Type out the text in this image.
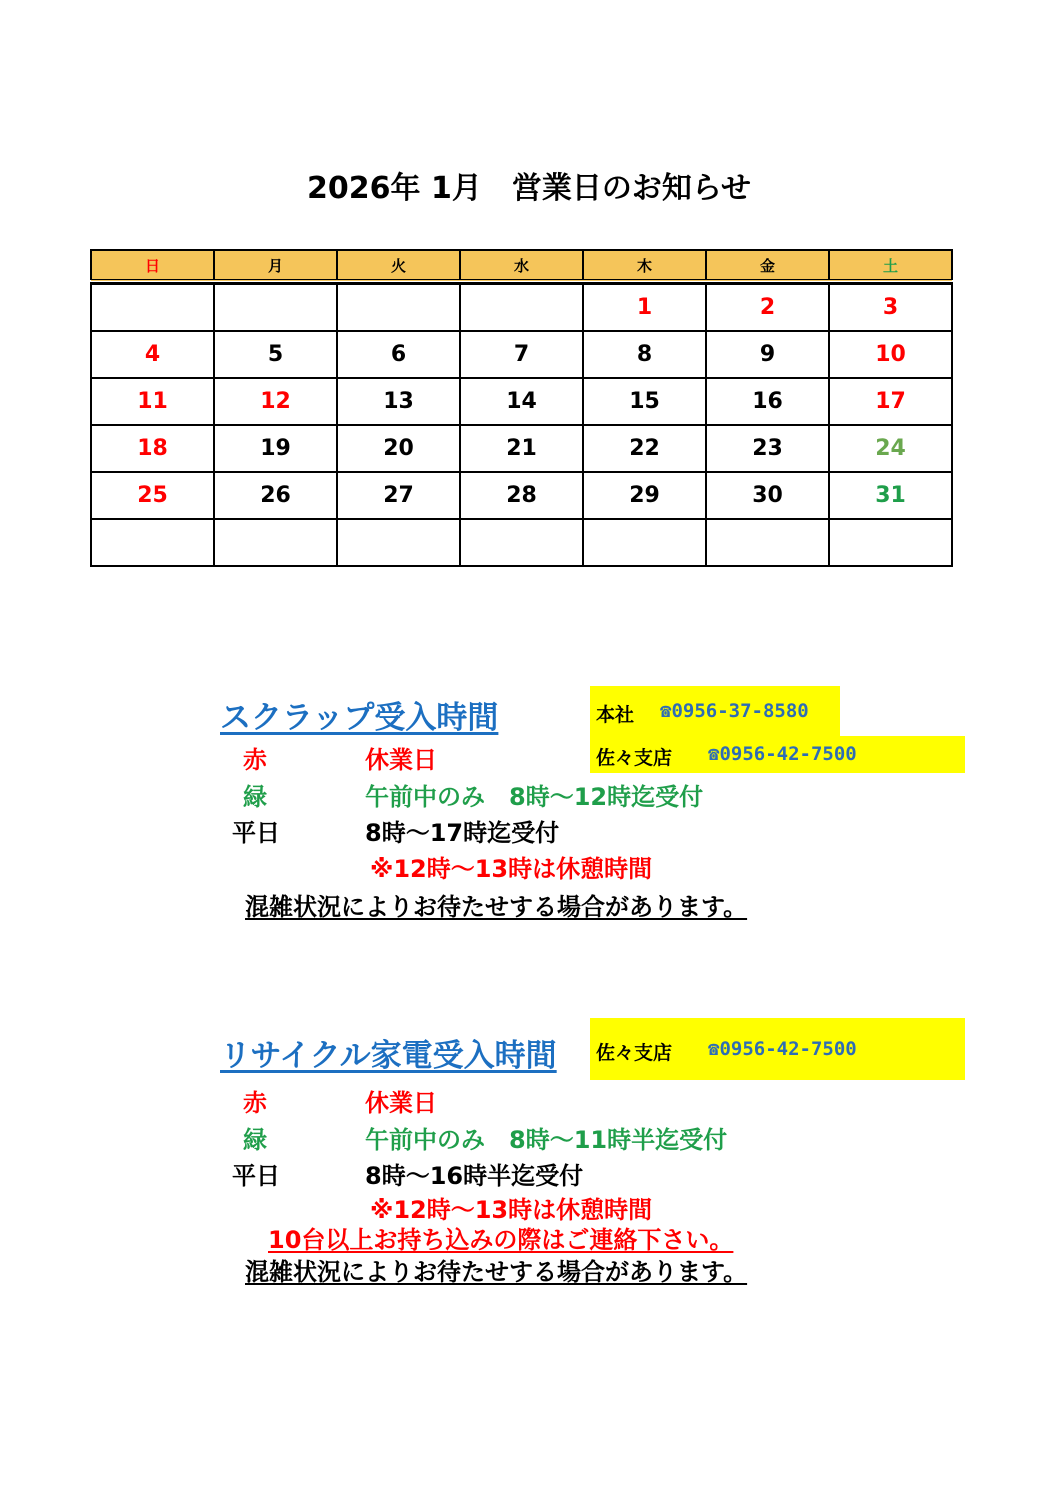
2026年 1月　営業日のお知らせ
日	月	火	水	木	金	土

				1	2	3
4	5	6	7	8	9	10
11	12	13	14	15	16	17
18	19	20	21	22	23	24
25	26	27	28	29	30	31

スクラップ受入時間	本社 ☎0956-37-8580
佐々支店 ☎0956-42-7500
赤	休業日
緑	午前中のみ　8時～12時迄受付
平日	8時～17時迄受付
※12時～13時は休憩時間
混雑状況によりお待たせする場合があります。
リサイクル家電受入時間 佐々支店 ☎0956-42-7500
赤	休業日
緑	午前中のみ　8時～11時半迄受付
平日	8時～16時半迄受付
※12時～13時は休憩時間
10台以上お持ち込みの際はご連絡下さい。
混雑状況によりお待たせする場合があります。
